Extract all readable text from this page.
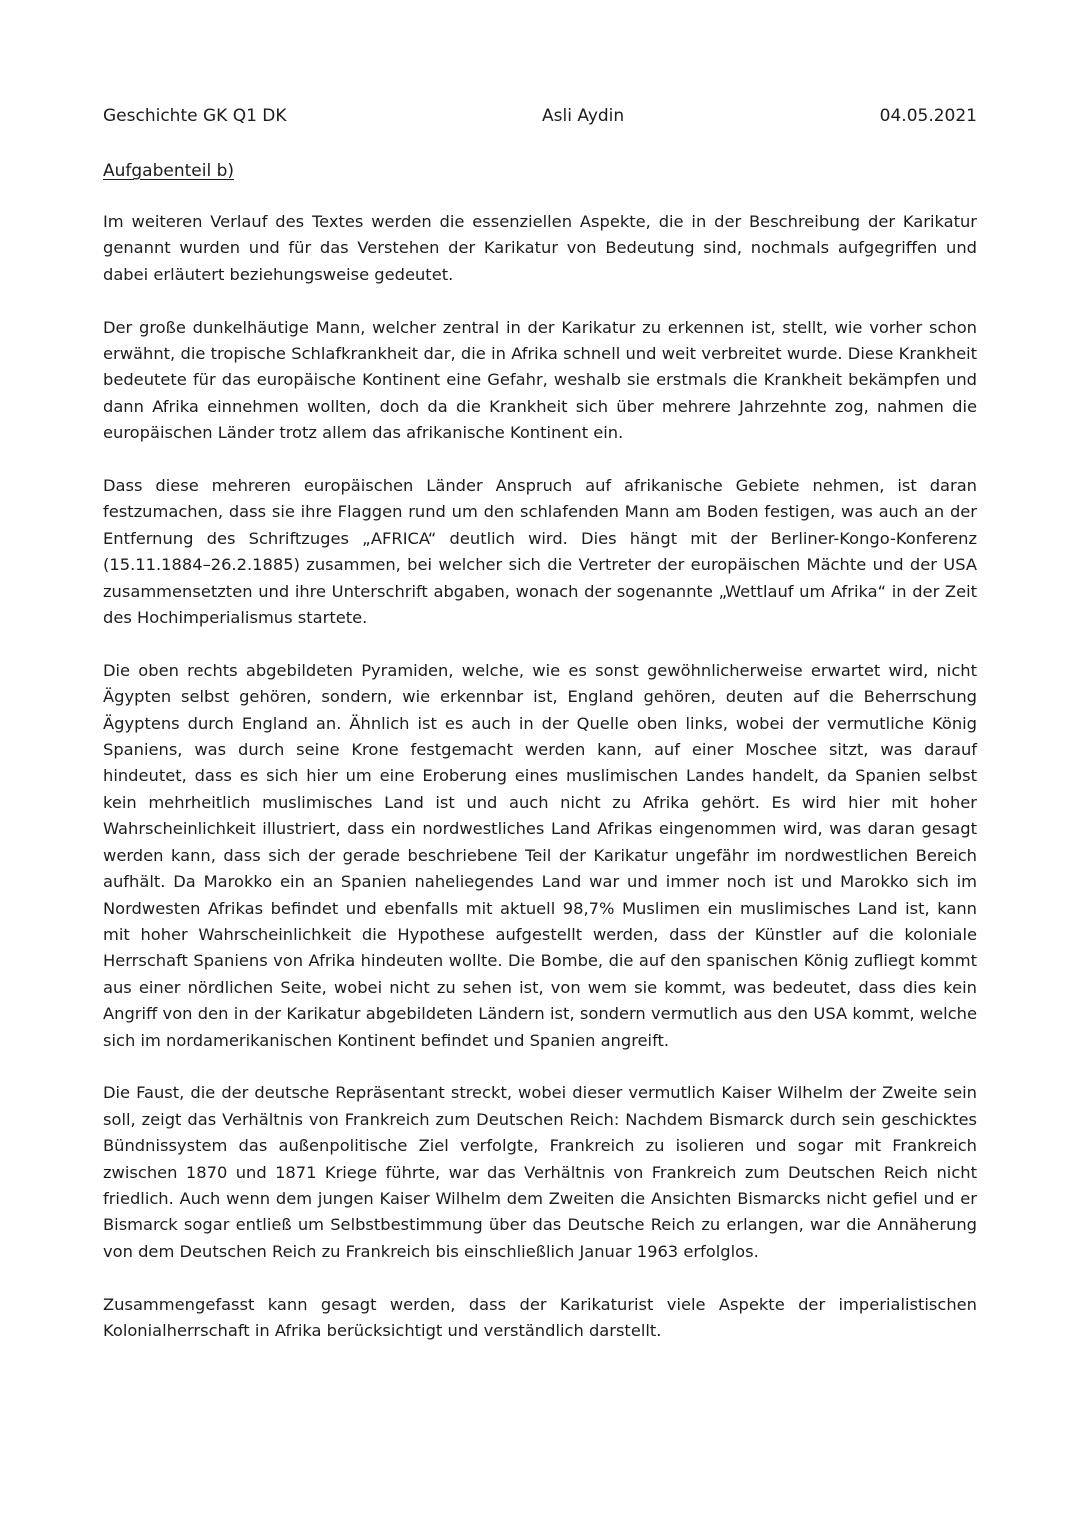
Geschichte GK Q1 DK	Asli Aydin	04.05.2021
Aufgabenteil b)

Im weiteren Verlauf des Textes werden die essenziellen Aspekte, die in der Beschreibung der Karikatur genannt wurden und für das Verstehen der Karikatur von Bedeutung sind, nochmals aufgegriffen und dabei erläutert beziehungsweise gedeutet.

Der große dunkelhäutige Mann, welcher zentral in der Karikatur zu erkennen ist, stellt, wie vorher schon erwähnt, die tropische Schlafkrankheit dar, die in Afrika schnell und weit verbreitet wurde. Diese Krankheit bedeutete für das europäische Kontinent eine Gefahr, weshalb sie erstmals die Krankheit bekämpfen und dann Afrika einnehmen wollten, doch da die Krankheit sich über mehrere Jahrzehnte zog, nahmen die europäischen Länder trotz allem das afrikanische Kontinent ein.

Dass diese mehreren europäischen Länder Anspruch auf afrikanische Gebiete nehmen, ist daran festzumachen, dass sie ihre Flaggen rund um den schlafenden Mann am Boden festigen, was auch an der Entfernung des Schriftzuges „AFRICA“ deutlich wird. Dies hängt mit der Berliner-Kongo-Konferenz (15.11.1884–26.2.1885) zusammen, bei welcher sich die Vertreter der europäischen Mächte und der USA zusammensetzten und ihre Unterschrift abgaben, wonach der sogenannte „Wettlauf um Afrika“ in der Zeit des Hochimperialismus startete.

Die oben rechts abgebildeten Pyramiden, welche, wie es sonst gewöhnlicherweise erwartet wird, nicht Ägypten selbst gehören, sondern, wie erkennbar ist, England gehören, deuten auf die Beherrschung Ägyptens durch England an. Ähnlich ist es auch in der Quelle oben links, wobei der vermutliche König Spaniens, was durch seine Krone festgemacht werden kann, auf einer Moschee sitzt, was darauf hindeutet, dass es sich hier um eine Eroberung eines muslimischen Landes handelt, da Spanien selbst kein mehrheitlich muslimisches Land ist und auch nicht zu Afrika gehört. Es wird hier mit hoher Wahrscheinlichkeit illustriert, dass ein nordwestliches Land Afrikas eingenommen wird, was daran gesagt werden kann, dass sich der gerade beschriebene Teil der Karikatur ungefähr im nordwestlichen Bereich aufhält. Da Marokko ein an Spanien naheliegendes Land war und immer noch ist und Marokko sich im Nordwesten Afrikas befindet und ebenfalls mit aktuell 98,7% Muslimen ein muslimisches Land ist, kann mit hoher Wahrscheinlichkeit die Hypothese aufgestellt werden, dass der Künstler auf die koloniale Herrschaft Spaniens von Afrika hindeuten wollte. Die Bombe, die auf den spanischen König zufliegt kommt aus einer nördlichen Seite, wobei nicht zu sehen ist, von wem sie kommt, was bedeutet, dass dies kein Angriff von den in der Karikatur abgebildeten Ländern ist, sondern vermutlich aus den USA kommt, welche sich im nordamerikanischen Kontinent befindet und Spanien angreift.

Die Faust, die der deutsche Repräsentant streckt, wobei dieser vermutlich Kaiser Wilhelm der Zweite sein soll, zeigt das Verhältnis von Frankreich zum Deutschen Reich: Nachdem Bismarck durch sein geschicktes Bündnissystem das außenpolitische Ziel verfolgte, Frankreich zu isolieren und sogar mit Frankreich zwischen 1870 und 1871 Kriege führte, war das Verhältnis von Frankreich zum Deutschen Reich nicht friedlich. Auch wenn dem jungen Kaiser Wilhelm dem Zweiten die Ansichten Bismarcks nicht gefiel und er Bismarck sogar entließ um Selbstbestimmung über das Deutsche Reich zu erlangen, war die Annäherung von dem Deutschen Reich zu Frankreich bis einschließlich Januar 1963 erfolglos.

Zusammengefasst kann gesagt werden, dass der Karikaturist viele Aspekte der imperialistischen Kolonialherrschaft in Afrika berücksichtigt und verständlich darstellt.
